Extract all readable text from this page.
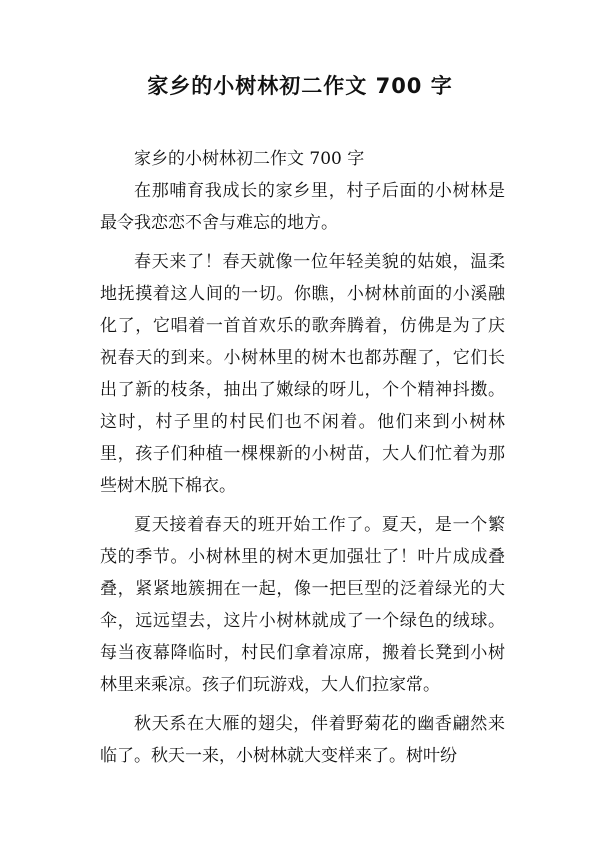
家乡的小树林初二作文 700 字

家乡的小树林初二作文 700 字

在那哺育我成长的家乡里，村子后面的小树林是最令我恋恋不舍与难忘的地方。

春天来了！春天就像一位年轻美貌的姑娘，温柔地抚摸着这人间的一切。你瞧，小树林前面的小溪融化了，它唱着一首首欢乐的歌奔腾着，仿佛是为了庆祝春天的到来。小树林里的树木也都苏醒了，它们长出了新的枝条，抽出了嫩绿的呀儿，个个精神抖擞。这时，村子里的村民们也不闲着。他们来到小树林里，孩子们种植一棵棵新的小树苗，大人们忙着为那些树木脱下棉衣。

夏天接着春天的班开始工作了。夏天，是一个繁茂的季节。小树林里的树木更加强壮了！叶片成成叠叠，紧紧地簇拥在一起，像一把巨型的泛着绿光的大伞，远远望去，这片小树林就成了一个绿色的绒球。每当夜幕降临时，村民们拿着凉席，搬着长凳到小树林里来乘凉。孩子们玩游戏，大人们拉家常。

秋天系在大雁的翅尖，伴着野菊花的幽香翩然来临了。秋天一来，小树林就大变样来了。树叶纷
